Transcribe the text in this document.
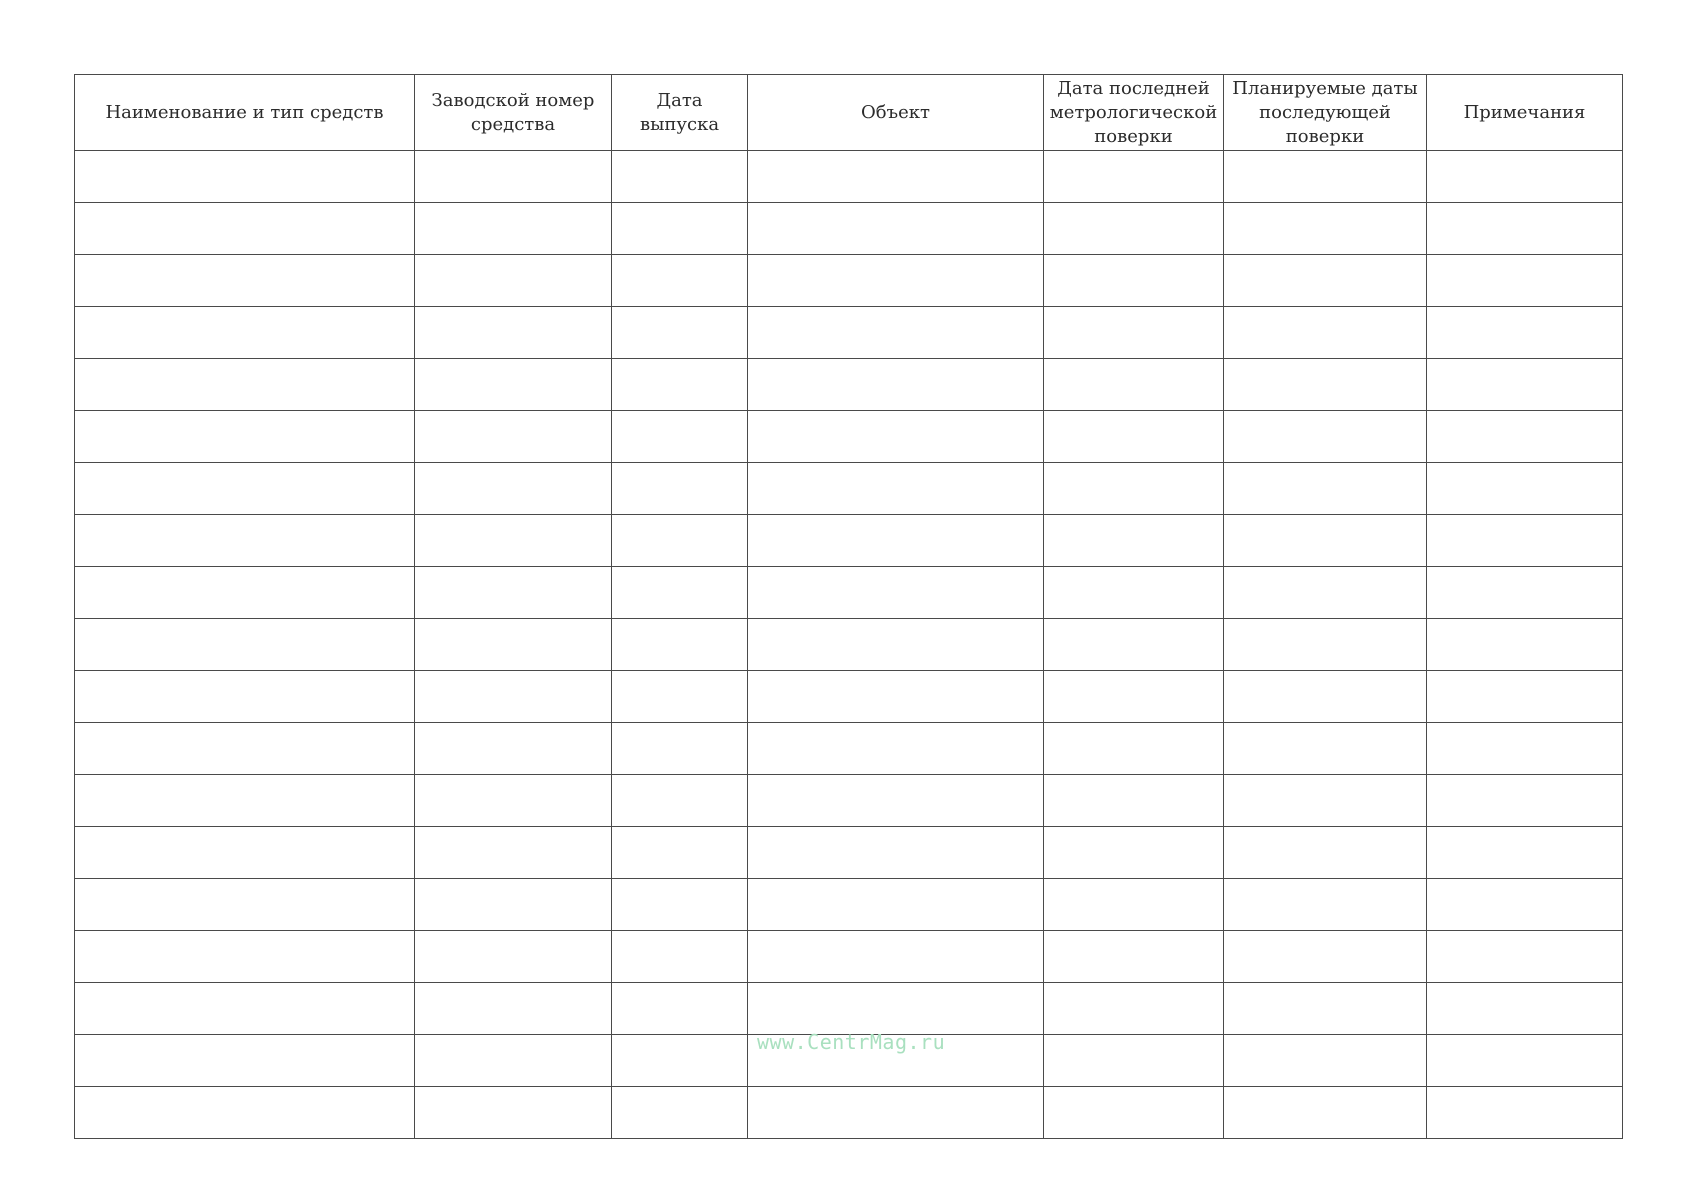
Наименование и тип средств	Заводской номер средства	Дата выпуска	Объект	Дата последней метрологической поверки	Планируемые даты последующей поверки	Примечания

www.CentrMag.ru
